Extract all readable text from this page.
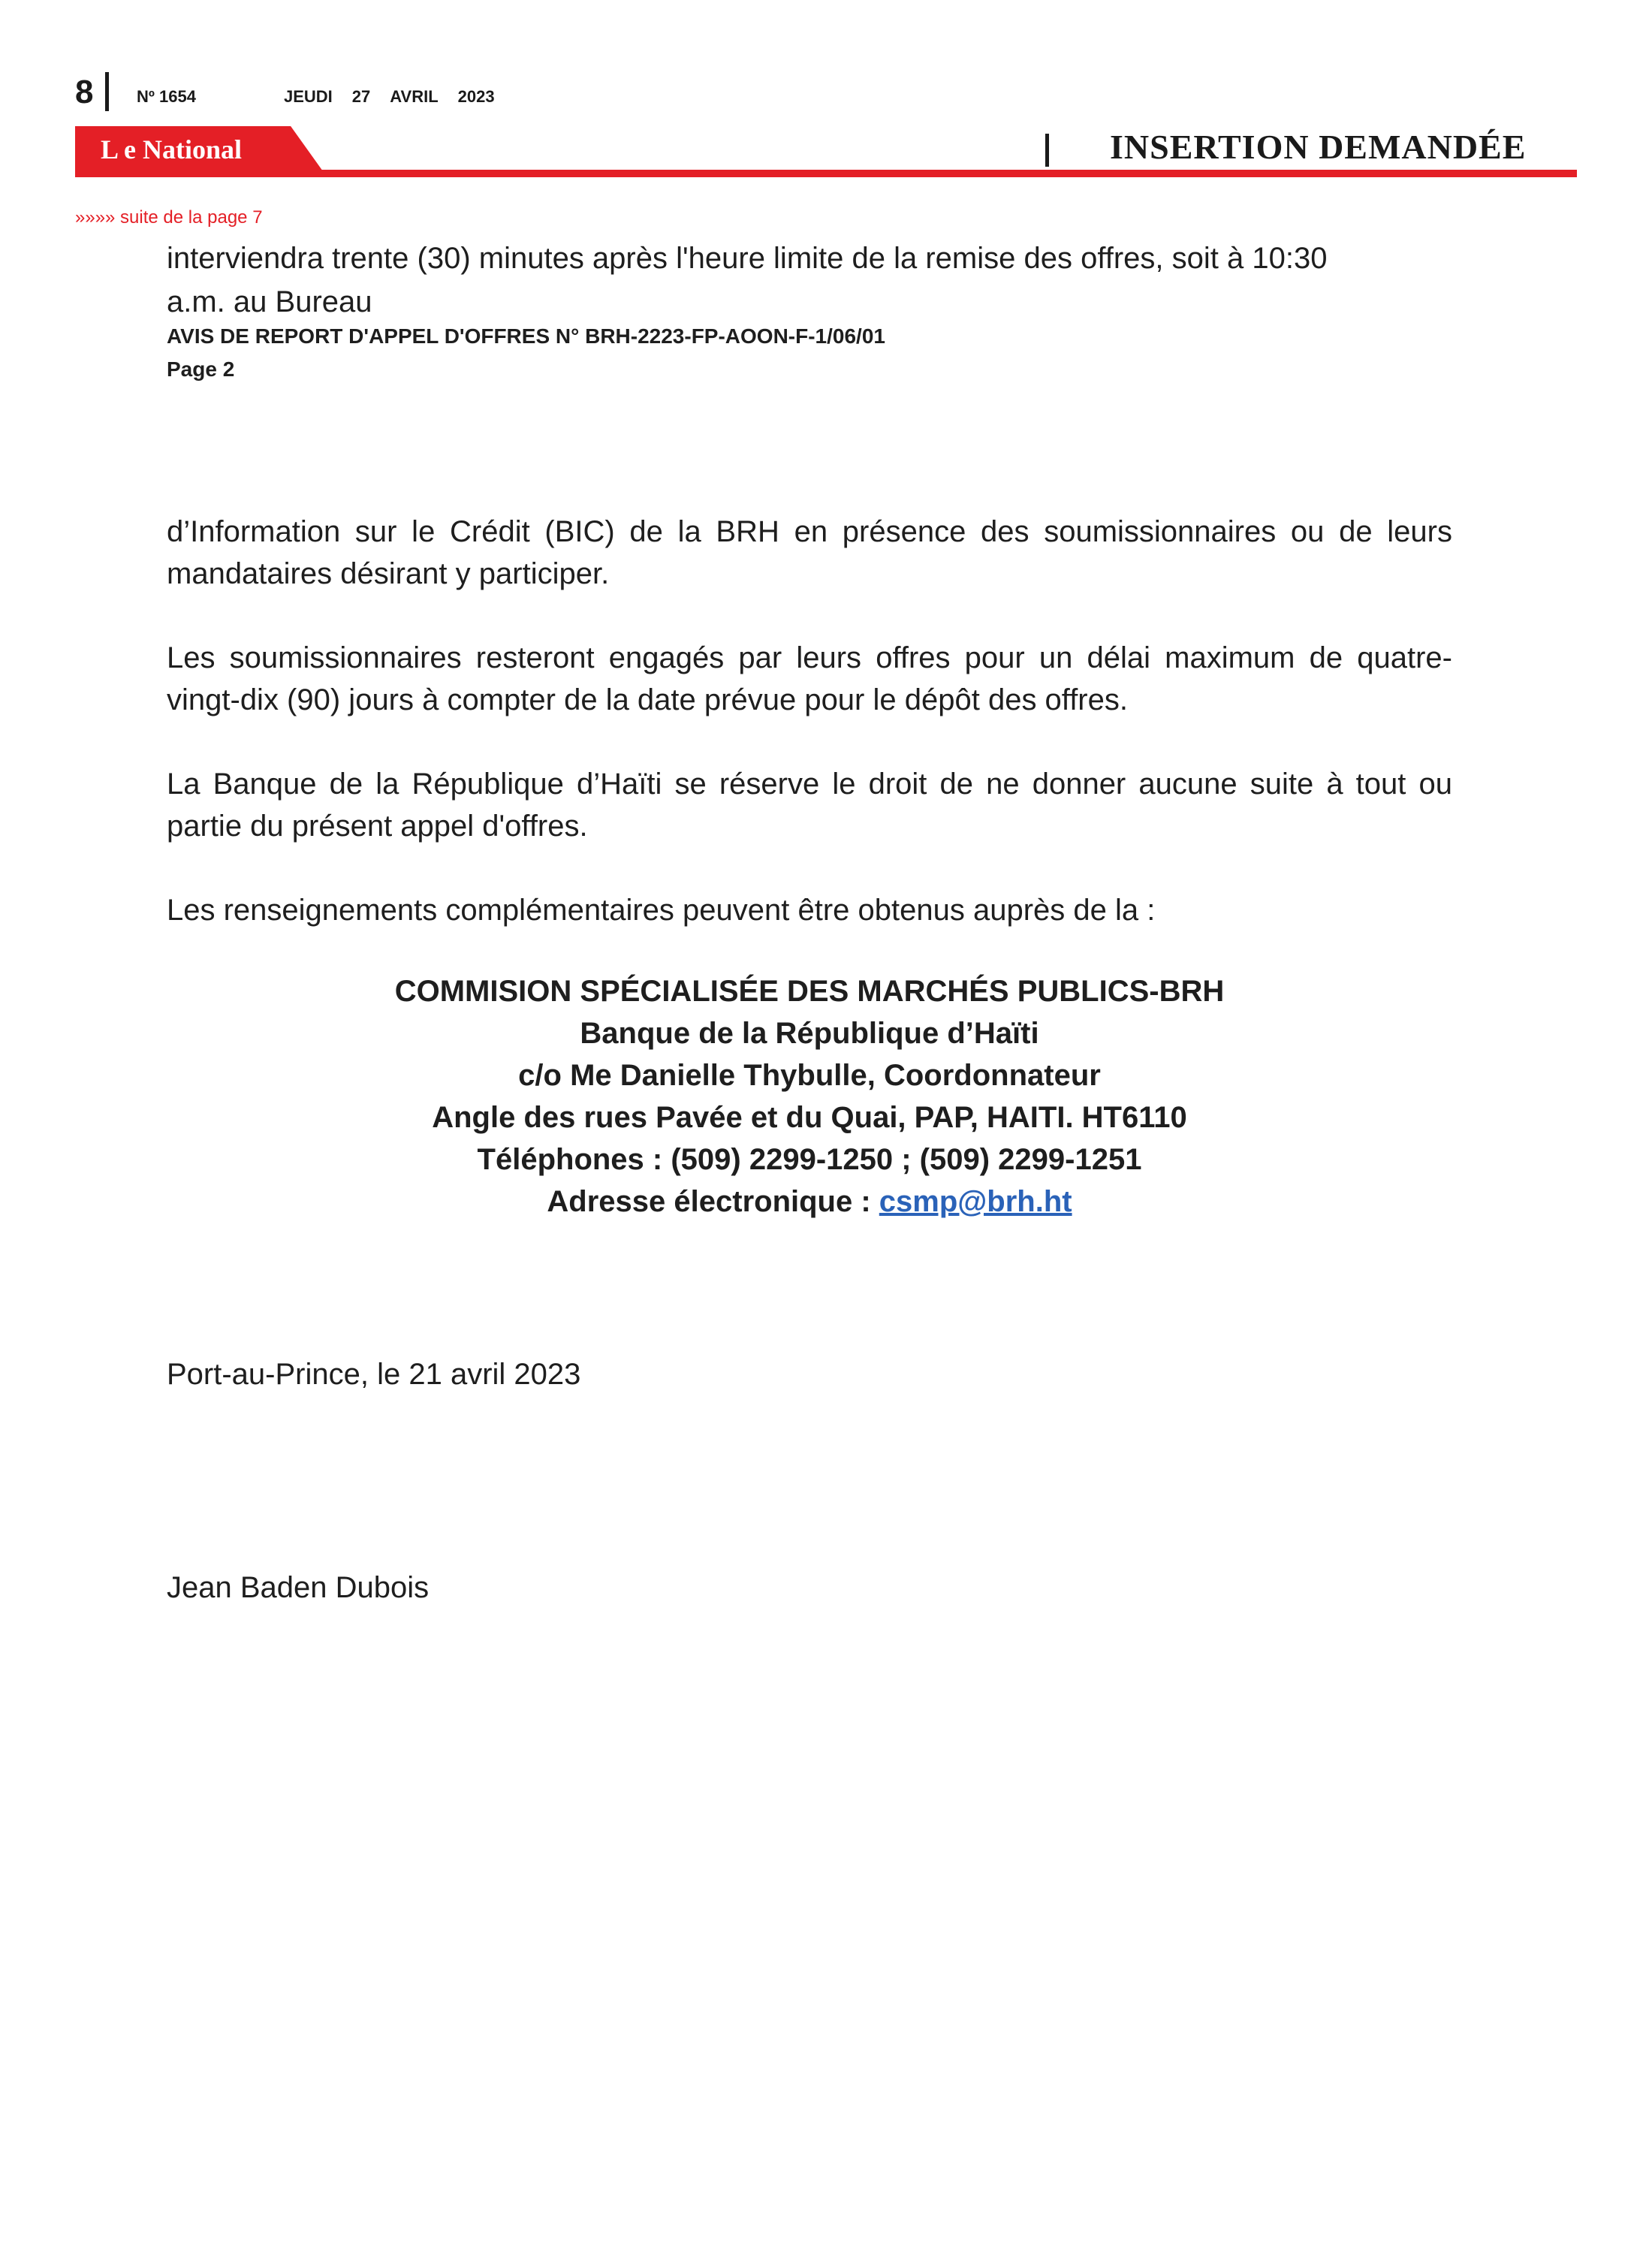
8	Nº 1654	JEUDI 27 AVRIL 2023
L e National	INSERTION DEMANDÉE
»»»» suite de la page 7

interviendra trente (30) minutes après l'heure limite de la remise des offres, soit à 10:30

a.m. au Bureau

AVIS DE REPORT D'APPEL D'OFFRES N° BRH-2223-FP-AOON-F-1/06/01
Page 2

d’Information sur le Crédit (BIC) de la BRH en présence des soumissionnaires ou de leurs mandataires désirant y participer.

Les soumissionnaires resteront engagés par leurs offres pour un délai maximum de quatre-vingt-dix (90) jours à compter de la date prévue pour le dépôt des offres.

La Banque de la République d’Haïti se réserve le droit de ne donner aucune suite à tout ou partie du présent appel d'offres.

Les renseignements complémentaires peuvent être obtenus auprès de la :

COMMISION SPÉCIALISÉE DES MARCHÉS PUBLICS-BRH
Banque de la République d’Haïti
c/o Me Danielle Thybulle, Coordonnateur
Angle des rues Pavée et du Quai, PAP, HAITI. HT6110
Téléphones : (509) 2299-1250 ; (509) 2299-1251
Adresse électronique : csmp@brh.ht

Port-au-Prince, le 21 avril 2023

Jean Baden Dubois
